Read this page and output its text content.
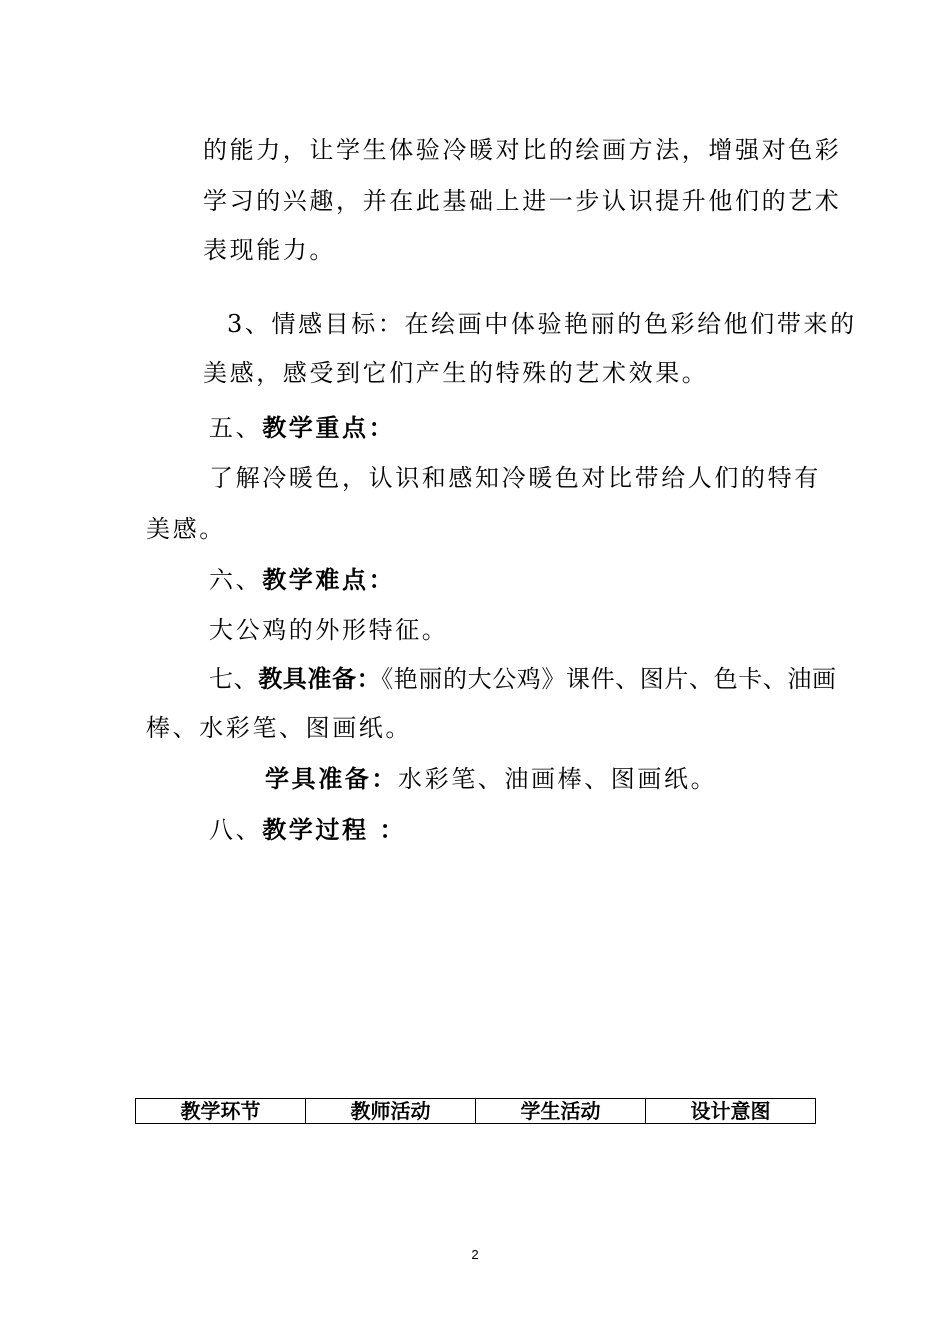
的能力，让学生体验冷暖对比的绘画方法，增强对色彩
学习的兴趣，并在此基础上进一步认识提升他们的艺术
表现能力。
3、情感目标：在绘画中体验艳丽的色彩给他们带来的
美感，感受到它们产生的特殊的艺术效果。
五、教学重点：
了解冷暖色，认识和感知冷暖色对比带给人们的特有
美感。
六、教学难点：
大公鸡的外形特征。
七、教具准备：《艳丽的大公鸡》课件、图片、色卡、油画
棒、水彩笔、图画纸。
学具准备：水彩笔、油画棒、图画纸。
八、教学过程 ：
教学环节	教师活动	学生活动	设计意图
2
